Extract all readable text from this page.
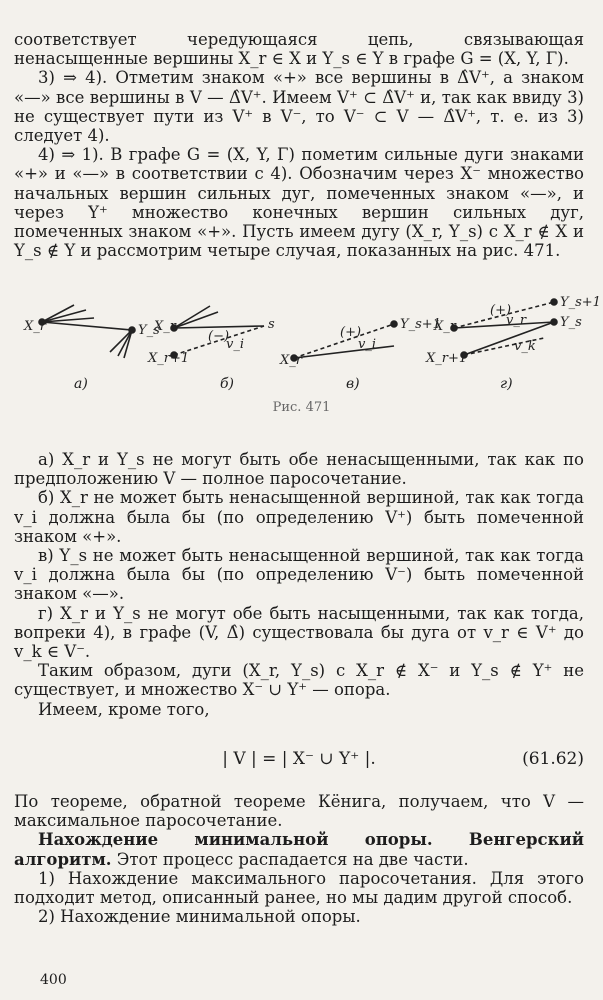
соответствует чередующаяся цепь, связывающая ненасыщенные вершины X_r ∈ X и Y_s ∈ Y в графе G = (X, Y, Γ).

3) ⇒ 4). Отметим знаком «+» все вершины в Δ̂V⁺, а знаком «—» все вершины в V — Δ̂V⁺. Имеем V⁺ ⊂ Δ̂V⁺ и, так как ввиду 3) не существует пути из V⁺ в V⁻, то V⁻ ⊂ V — Δ̂V⁺, т. е. из 3) следует 4).

4) ⇒ 1). В графе G = (X, Y, Γ) пометим сильные дуги знаками «+» и «—» в соответствии с 4). Обозначим через X⁻ множество начальных вершин сильных дуг, помеченных знаком «—», и через Y⁺ множество конечных вершин сильных дуг, помеченных знаком «+». Пусть имеем дугу (X_r, Y_s) с X_r ∉ X и Y_s ∉ Y и рассмотрим четыре случая, показанных на рис. 471.

X_r	Y_s
X_r
X_r+1
s
v_i
(−)
X_r
Y_s+1
v_i
(+)	X_r
Y_s+1
Y_s
X_r+1
v_r
v_k
(+)
а)	б)	в)	г)
Рис. 471

а) X_r и Y_s не могут быть обе ненасыщенными, так как по предположению V — полное паросочетание.

б) X_r не может быть ненасыщенной вершиной, так как тогда v_i должна была бы (по определению V⁺) быть помеченной знаком «+».

в) Y_s не может быть ненасыщенной вершиной, так как тогда v_i должна была бы (по определению V⁻) быть помеченной знаком «—».

г) X_r и Y_s не могут обе быть насыщенными, так как тогда, вопреки 4), в графе (V, Δ̂) существовала бы дуга от v_r ∈ V⁺ до v_k ∈ V⁻.

Таким образом, дуги (X_r, Y_s) с X_r ∉ X⁻ и Y_s ∉ Y⁺ не существует, и множество X⁻ ∪ Y⁺ — опора.

Имеем, кроме того,

| V | = | X⁻ ∪ Y⁺ |.	(61.62)

По теореме, обратной теореме Кёнига, получаем, что V — максимальное паросочетание.

Нахождение минимальной опоры. Венгерский алгоритм. Этот процесс распадается на две части.

1) Нахождение максимального паросочетания. Для этого подходит метод, описанный ранее, но мы дадим другой способ.

2) Нахождение минимальной опоры.

400
